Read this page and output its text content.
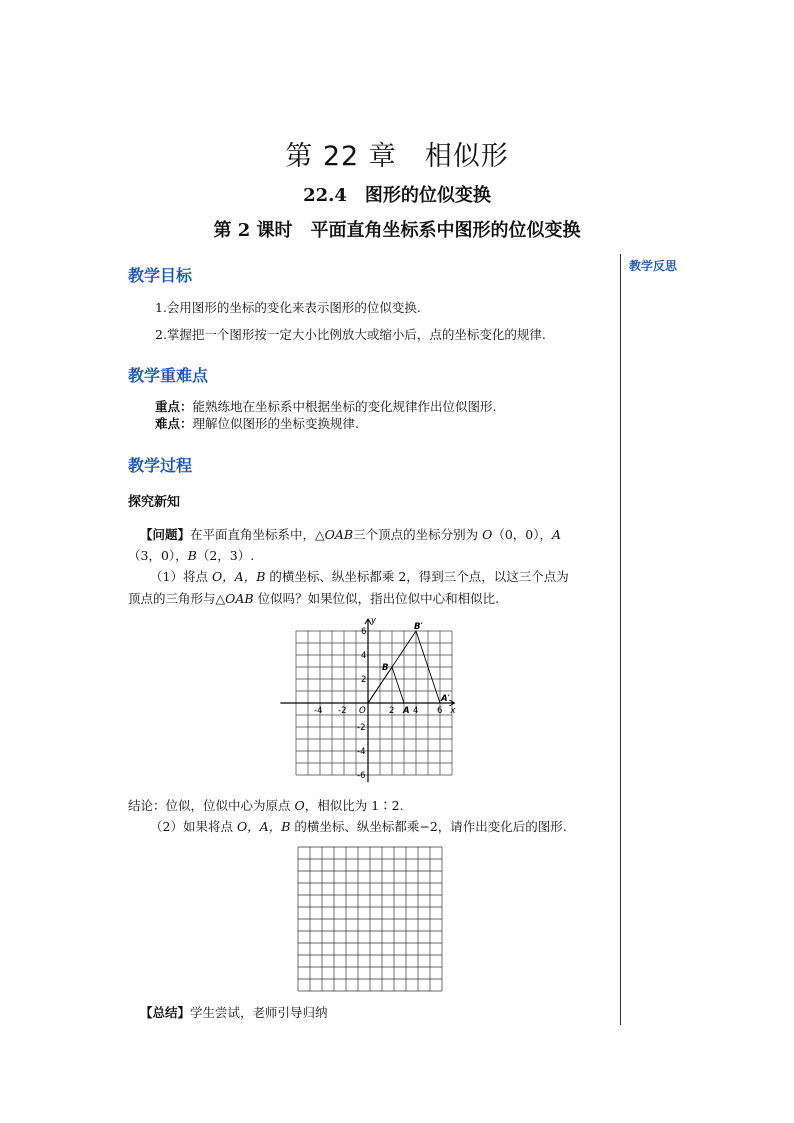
第 22 章　相似形
22.4　图形的位似变换
第 2 课时　平面直角坐标系中图形的位似变换
教学反思
教学目标
1.会用图形的坐标的变化来表示图形的位似变换.
2.掌握把一个图形按一定大小比例放大或缩小后，点的坐标变化的规律.
教学重难点
重点：能熟练地在坐标系中根据坐标的变化规律作出位似图形.
难点：理解位似图形的坐标变换规律.
教学过程
探究新知
【问题】在平面直角坐标系中，△OAB三个顶点的坐标分别为 O（0，0），A
（3，0），B（2，3）.
（1）将点 O，A，B 的横坐标、纵坐标都乘 2，得到三个点，以这三个点为
顶点的三角形与△OAB 位似吗？如果位似，指出位似中心和相似比.
-4 -2	2 4 6
6
4
2
-2
-4
-6
O	x
y
B
B′
A
A′
结论：位似，位似中心为原点 O，相似比为 1∶2.
（2）如果将点 O，A，B 的横坐标、纵坐标都乘−2，请作出变化后的图形.
【总结】学生尝试，老师引导归纳
